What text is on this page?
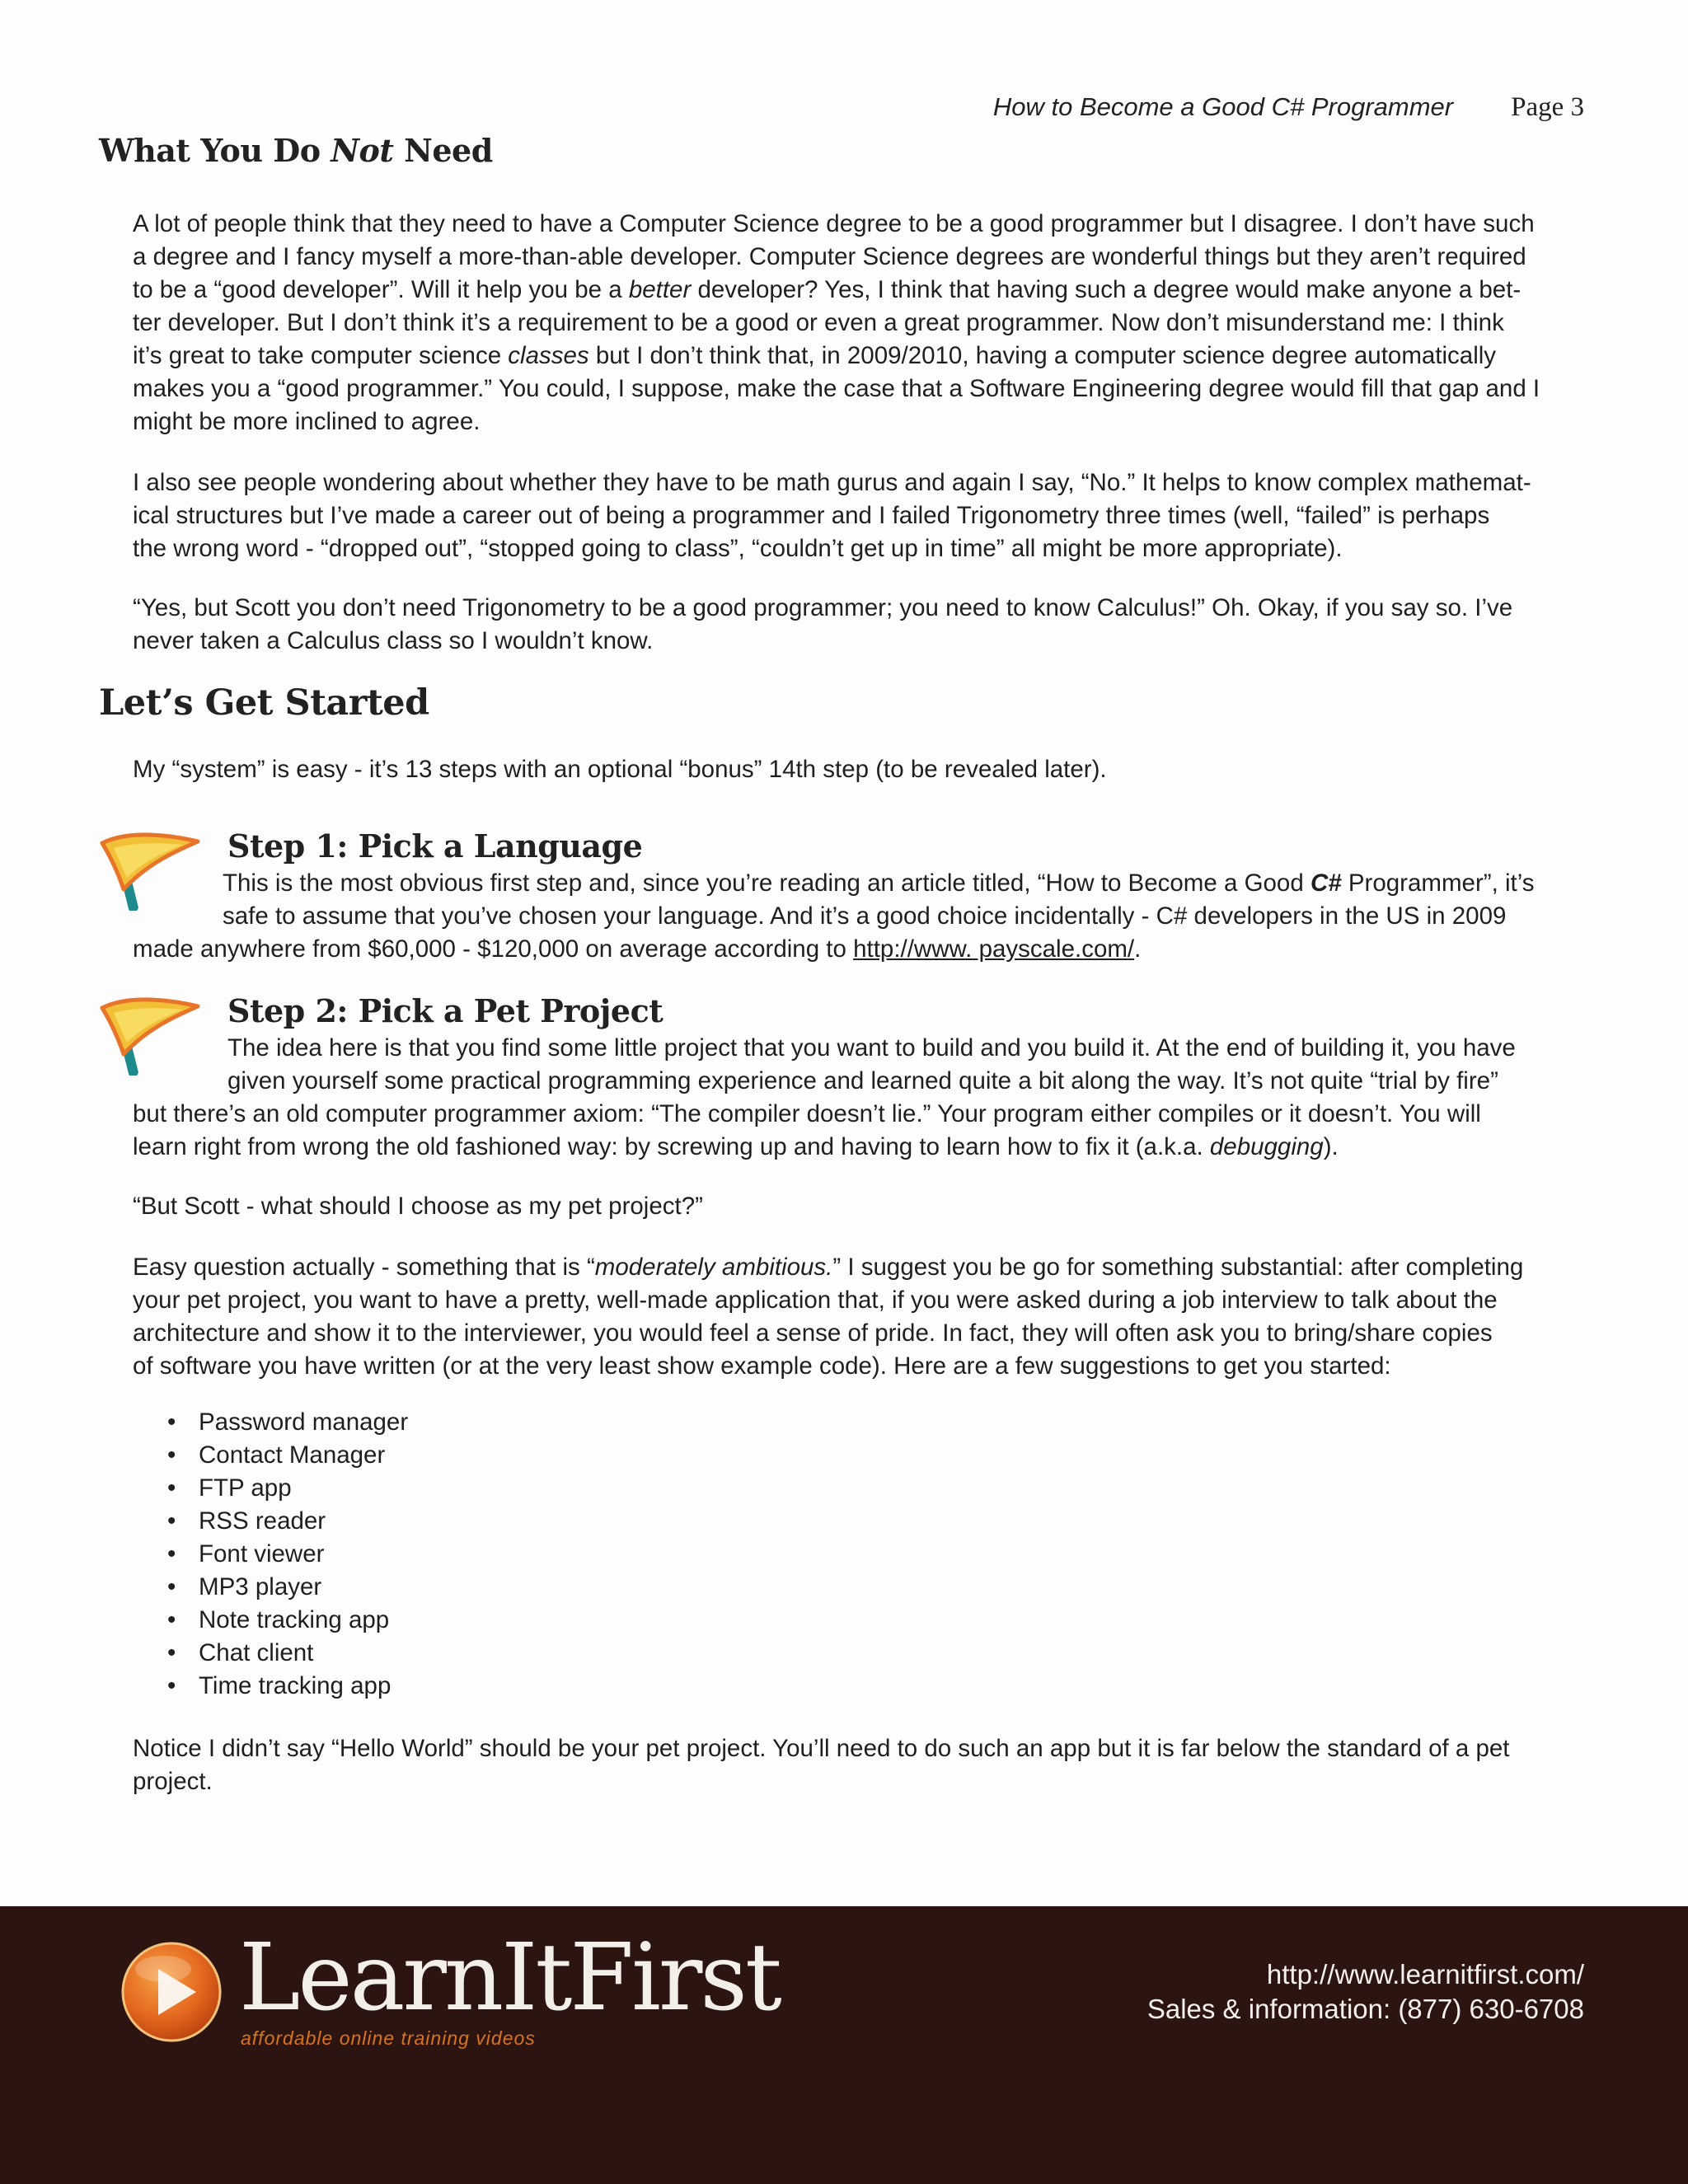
How to Become a Good C# Programmer Page 3
What You Do Not Need

A lot of people think that they need to have a Computer Science degree to be a good programmer but I disagree. I don’t have such
a degree and I fancy myself a more-than-able developer. Computer Science degrees are wonderful things but they aren’t required
to be a “good developer”. Will it help you be a better developer? Yes, I think that having such a degree would make anyone a bet-
ter developer. But I don’t think it’s a requirement to be a good or even a great programmer. Now don’t misunderstand me: I think
it’s great to take computer science classes but I don’t think that, in 2009/2010, having a computer science degree automatically
makes you a “good programmer.” You could, I suppose, make the case that a Software Engineering degree would fill that gap and I
might be more inclined to agree.

I also see people wondering about whether they have to be math gurus and again I say, “No.” It helps to know complex mathemat-
ical structures but I’ve made a career out of being a programmer and I failed Trigonometry three times (well, “failed” is perhaps
the wrong word - “dropped out”, “stopped going to class”, “couldn’t get up in time” all might be more appropriate).

“Yes, but Scott you don’t need Trigonometry to be a good programmer; you need to know Calculus!” Oh. Okay, if you say so. I’ve
never taken a Calculus class so I wouldn’t know.

Let’s Get Started

My “system” is easy - it’s 13 steps with an optional “bonus” 14th step (to be revealed later).

Step 1: Pick a Language

This is the most obvious first step and, since you’re reading an article titled, “How to Become a Good C# Programmer”, it’s
safe to assume that you’ve chosen your language. And it’s a good choice incidentally - C# developers in the US in 2009

made anywhere from $60,000 - $120,000 on average according to http://www. payscale.com/.

Step 2: Pick a Pet Project

The idea here is that you find some little project that you want to build and you build it. At the end of building it, you have
given yourself some practical programming experience and learned quite a bit along the way. It’s not quite “trial by fire”

but there’s an old computer programmer axiom: “The compiler doesn’t lie.” Your program either compiles or it doesn’t. You will
learn right from wrong the old fashioned way: by screwing up and having to learn how to fix it (a.k.a. debugging).

“But Scott - what should I choose as my pet project?”

Easy question actually - something that is “moderately ambitious.” I suggest you be go for something substantial: after completing
your pet project, you want to have a pretty, well-made application that, if you were asked during a job interview to talk about the
architecture and show it to the interviewer, you would feel a sense of pride. In fact, they will often ask you to bring/share copies
of software you have written (or at the very least show example code). Here are a few suggestions to get you started:

• Password manager
• Contact Manager
• FTP app
• RSS reader
• Font viewer
• MP3 player
• Note tracking app
• Chat client
• Time tracking app

Notice I didn’t say “Hello World” should be your pet project. You’ll need to do such an app but it is far below the standard of a pet
project.

LearnItFirst
affordable online training videos
http://www.learnitfirst.com/
Sales & information: (877) 630-6708
